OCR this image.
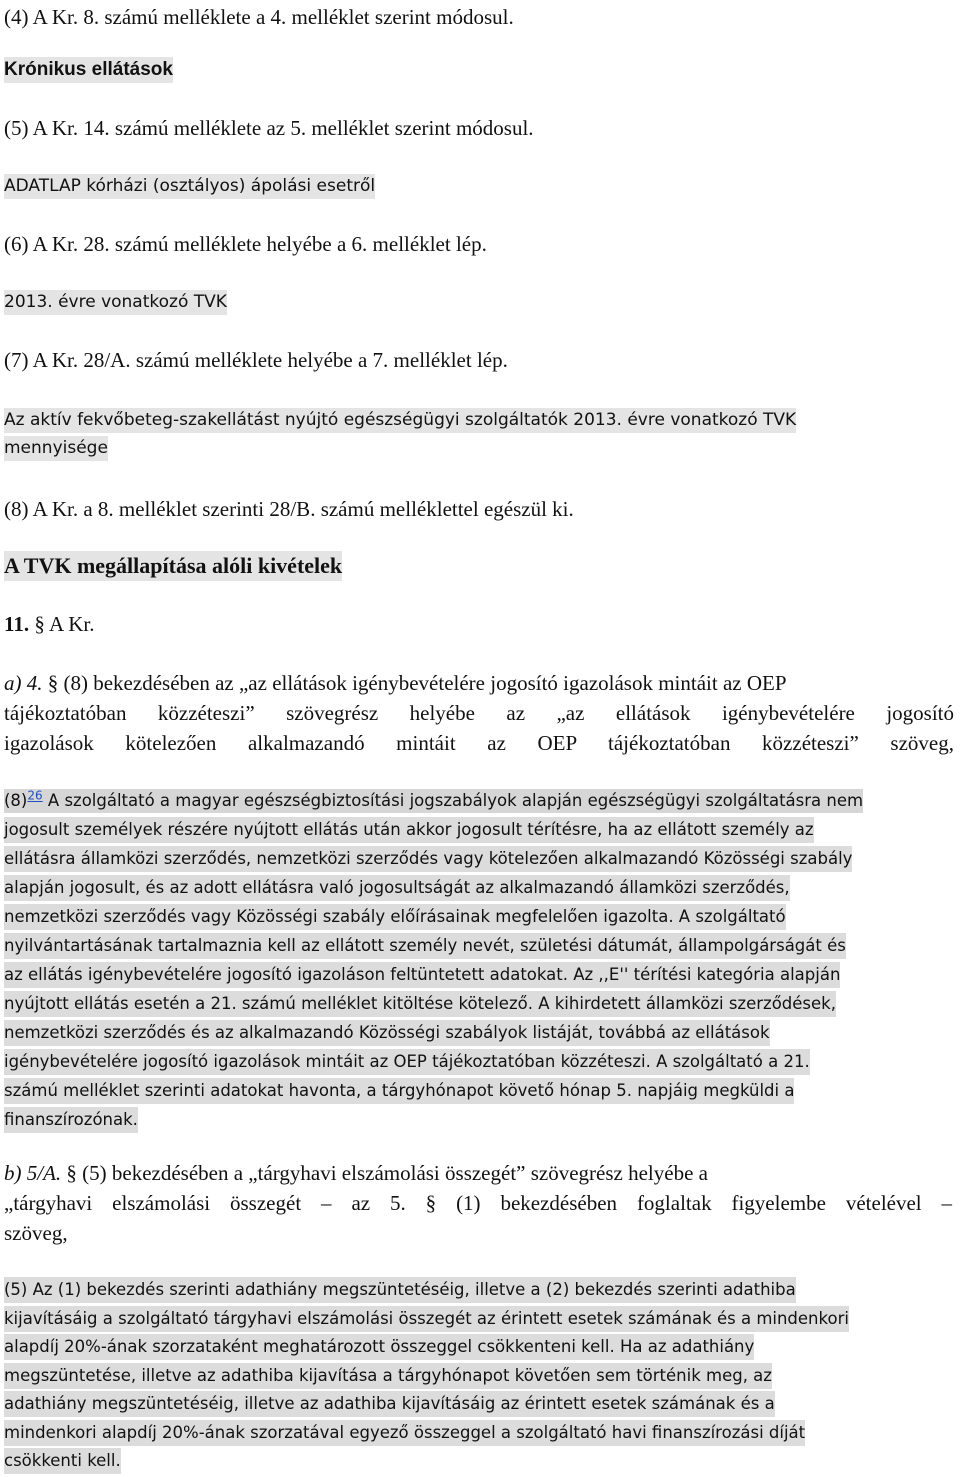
(4) A Kr. 8. számú melléklete a 4. melléklet szerint módosul.
Krónikus ellátások
(5) A Kr. 14. számú melléklete az 5. melléklet szerint módosul.
ADATLAP kórházi (osztályos) ápolási esetről
(6) A Kr. 28. számú melléklete helyébe a 6. melléklet lép.
2013. évre vonatkozó TVK
(7) A Kr. 28/A. számú melléklete helyébe a 7. melléklet lép.
Az aktív fekvőbeteg-szakellátást nyújtó egészségügyi szolgáltatók 2013. évre vonatkozó TVK
mennyisége
(8) A Kr. a 8. melléklet szerinti 28/B. számú melléklettel egészül ki.
A TVK megállapítása alóli kivételek
11. § A Kr.
a) 4. § (8) bekezdésében az „az ellátások igénybevételére jogosító igazolások mintáit az OEP
tájékoztatóban közzéteszi” szövegrész helyébe az „az ellátások igénybevételére jogosító
igazolások kötelezően alkalmazandó mintáit az OEP tájékoztatóban közzéteszi” szöveg,
$(8)^{26}$ A szolgáltató a magyar egészségbiztosítási jogszabályok alapján egészségügyi szolgáltatásra nem
jogosult személyek részére nyújtott ellátás után akkor jogosult térítésre, ha az ellátott személy az
ellátásra államközi szerződés, nemzetközi szerződés vagy kötelezően alkalmazandó Közösségi szabály
alapján jogosult, és az adott ellátásra való jogosultságát az alkalmazandó államközi szerződés,
nemzetközi szerződés vagy Közösségi szabály előírásainak megfelelően igazolta. A szolgáltató
nyilvántartásának tartalmaznia kell az ellátott személy nevét, születési dátumát, állampolgárságát és
az ellátás igénybevételére jogosító igazoláson feltüntetett adatokat. Az ,,E'' térítési kategória alapján
nyújtott ellátás esetén a 21. számú melléklet kitöltése kötelező. A kihirdetett államközi szerződések,
nemzetközi szerződés és az alkalmazandó Közösségi szabályok listáját, továbbá az ellátások
igénybevételére jogosító igazolások mintáit az OEP tájékoztatóban közzéteszi. A szolgáltató a 21.
számú melléklet szerinti adatokat havonta, a tárgyhónapot követő hónap 5. napjáig megküldi a
finanszírozónak.
b) 5/A. § (5) bekezdésében a „tárgyhavi elszámolási összegét” szövegrész helyébe a
„tárgyhavi elszámolási összegét – az 5. § (1) bekezdésében foglaltak figyelembe vételével –
szöveg,
(5) Az (1) bekezdés szerinti adathiány megszüntetéséig, illetve a (2) bekezdés szerinti adathiba
kijavításáig a szolgáltató tárgyhavi elszámolási összegét az érintett esetek számának és a mindenkori
alapdíj 20%-ának szorzataként meghatározott összeggel csökkenteni kell. Ha az adathiány
megszüntetése, illetve az adathiba kijavítása a tárgyhónapot követően sem történik meg, az
adathiány megszüntetéséig, illetve az adathiba kijavításáig az érintett esetek számának és a
mindenkori alapdíj 20%-ának szorzatával egyező összeggel a szolgáltató havi finanszírozási díját
csökkenti kell.
